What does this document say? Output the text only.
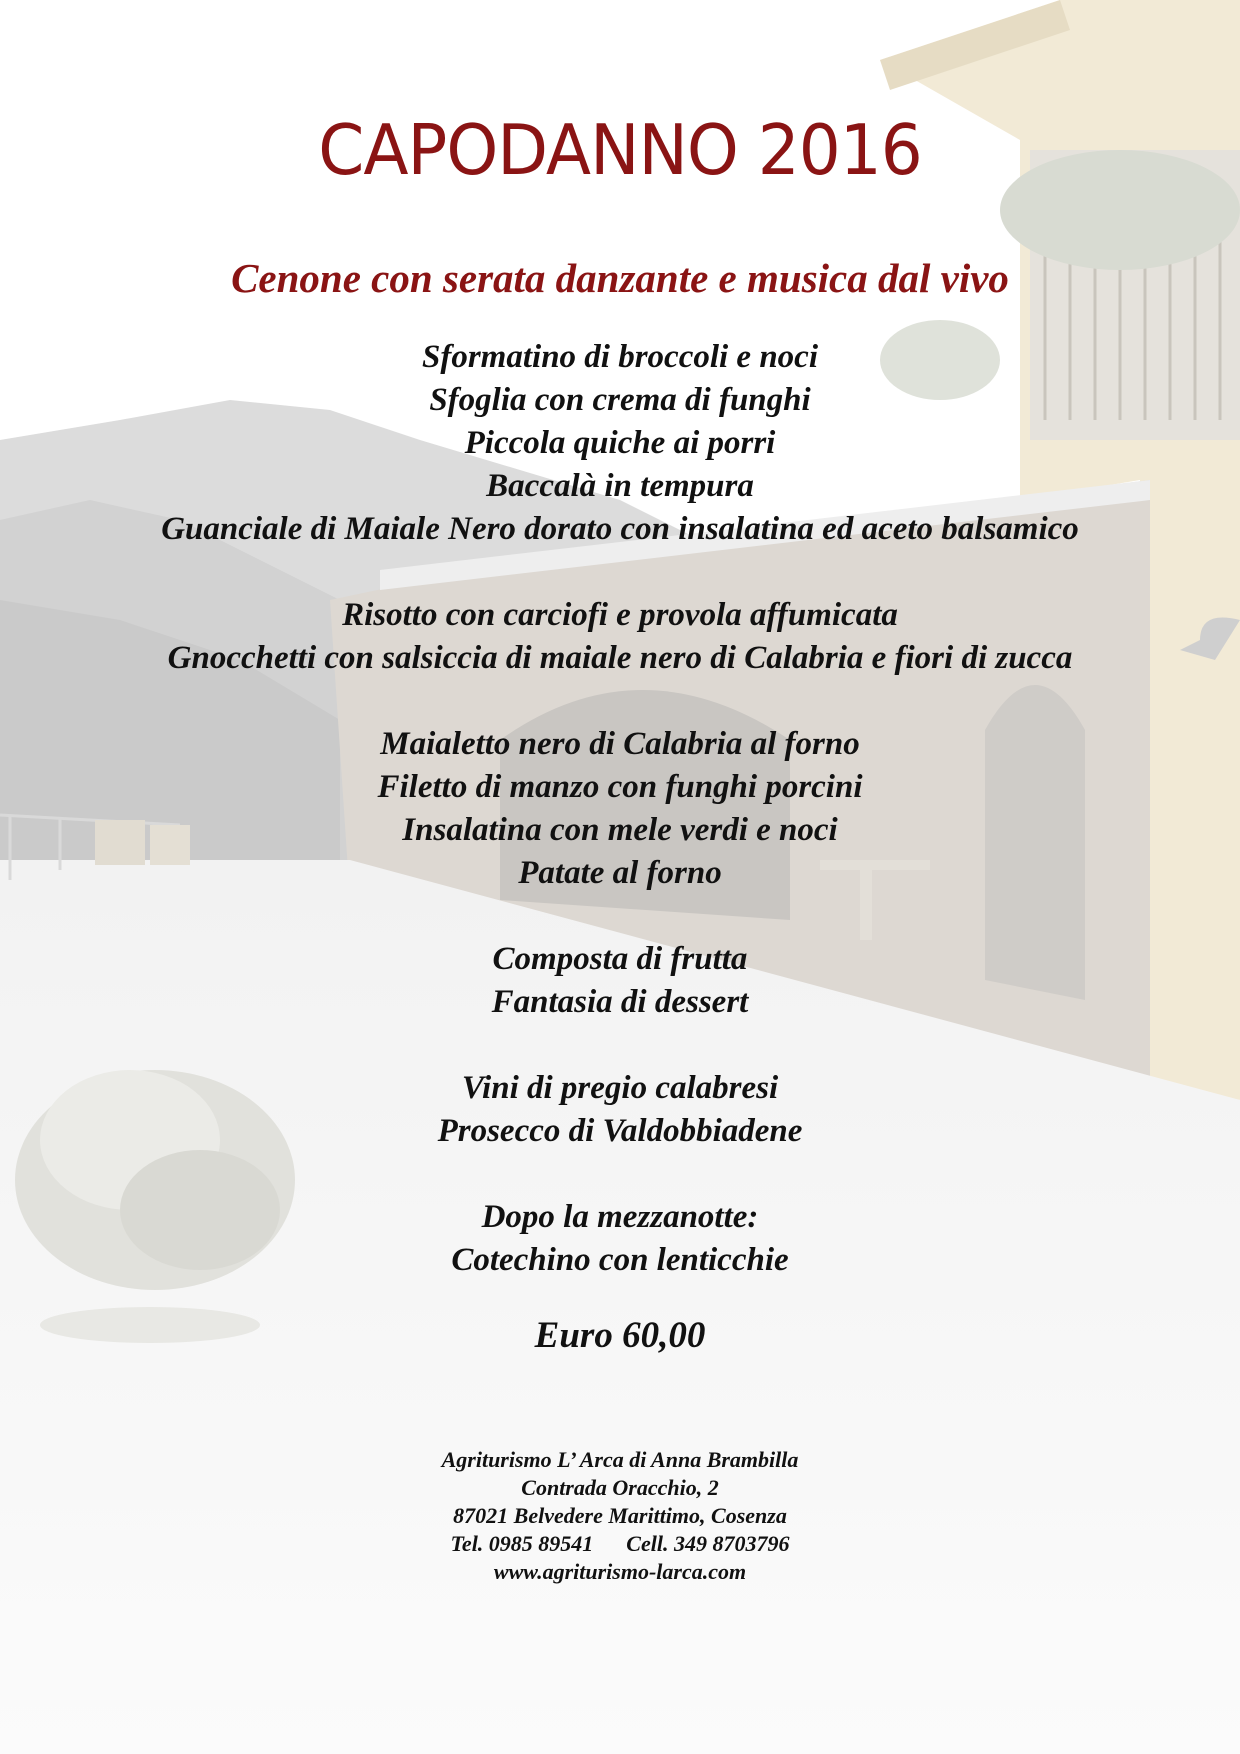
CAPODANNO 2016
Cenone con serata danzante e musica dal vivo
Sformatino di broccoli e noci
Sfoglia con crema di funghi
Piccola quiche ai porri
Baccalà in tempura
Guanciale di Maiale Nero dorato con insalatina ed aceto balsamico
Risotto con carciofi e provola affumicata
Gnocchetti con salsiccia di maiale nero di Calabria e fiori di zucca
Maialetto nero di Calabria al forno
Filetto di manzo con funghi porcini
Insalatina con mele verdi e noci
Patate al forno
Composta di frutta
Fantasia di dessert
Vini di pregio calabresi
Prosecco di Valdobbiadene
Dopo la mezzanotte:
Cotechino con lenticchie
Euro 60,00
Agriturismo L’ Arca di Anna Brambilla
Contrada Oracchio, 2
87021 Belvedere Marittimo, Cosenza
Tel. 0985 89541      Cell. 349 8703796
www.agriturismo-larca.com
